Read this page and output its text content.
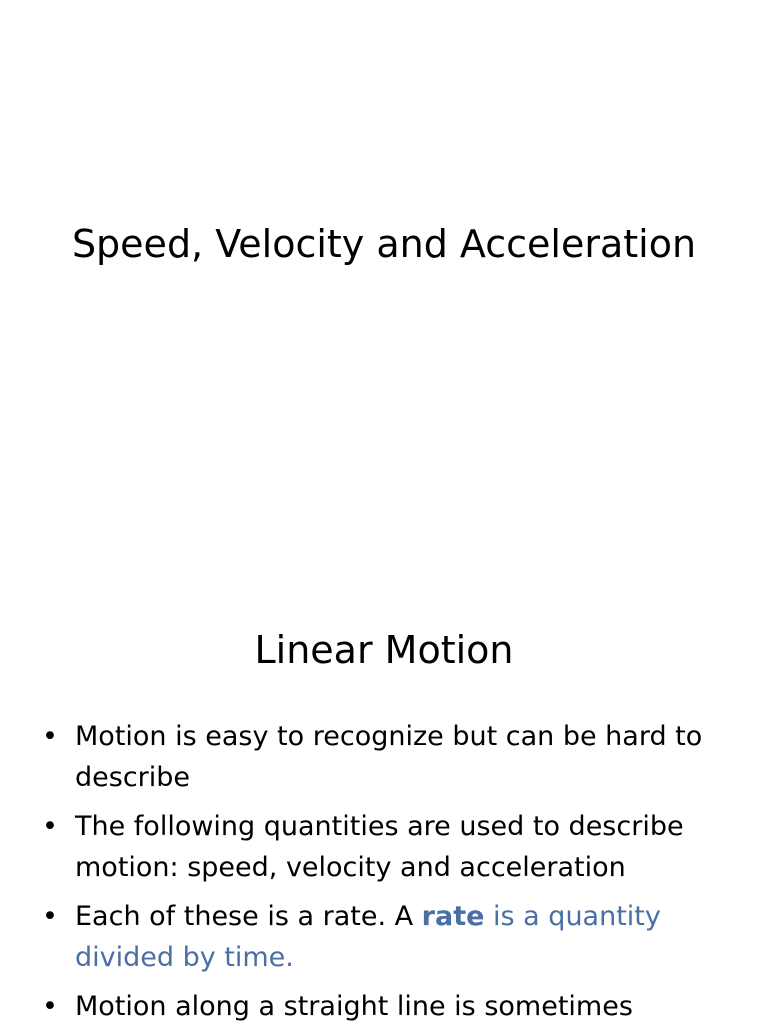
Speed, Velocity and Acceleration
Linear Motion
• Motion is easy to recognize but can be hard to describe
• The following quantities are used to describe motion: speed, velocity and acceleration
• Each of these is a rate. A rate is a quantity divided by time.
• Motion along a straight line is sometimes
